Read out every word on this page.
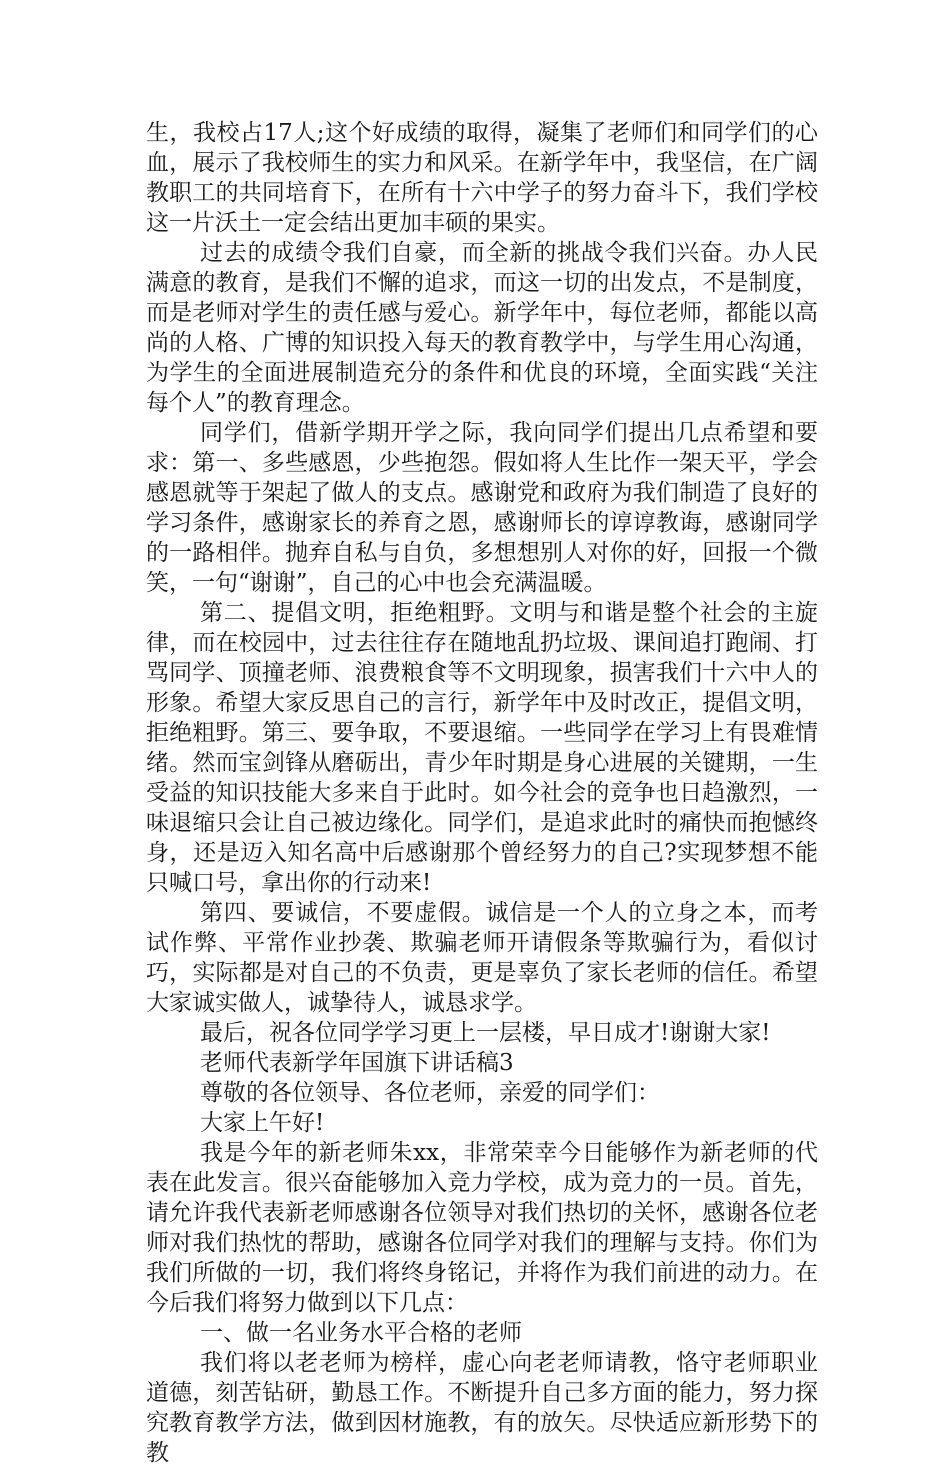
生，我校占17人;这个好成绩的取得，凝集了老师们和同学们的心血，展示了我校师生的实力和风采。在新学年中，我坚信，在广阔教职工的共同培育下，在所有十六中学子的努力奋斗下，我们学校这一片沃土一定会结出更加丰硕的果实。

过去的成绩令我们自豪，而全新的挑战令我们兴奋。办人民满意的教育，是我们不懈的追求，而这一切的出发点，不是制度，而是老师对学生的责任感与爱心。新学年中，每位老师，都能以高尚的人格、广博的知识投入每天的教育教学中，与学生用心沟通，为学生的全面进展制造充分的条件和优良的环境，全面实践“关注每个人”的教育理念。

同学们，借新学期开学之际，我向同学们提出几点希望和要求：第一、多些感恩，少些抱怨。假如将人生比作一架天平，学会感恩就等于架起了做人的支点。感谢党和政府为我们制造了良好的学习条件，感谢家长的养育之恩，感谢师长的谆谆教诲，感谢同学的一路相伴。抛弃自私与自负，多想想别人对你的好，回报一个微笑，一句“谢谢”，自己的心中也会充满温暖。

第二、提倡文明，拒绝粗野。文明与和谐是整个社会的主旋律，而在校园中，过去往往存在随地乱扔垃圾、课间追打跑闹、打骂同学、顶撞老师、浪费粮食等不文明现象，损害我们十六中人的形象。希望大家反思自己的言行，新学年中及时改正，提倡文明，拒绝粗野。第三、要争取，不要退缩。一些同学在学习上有畏难情绪。然而宝剑锋从磨砺出，青少年时期是身心进展的关键期，一生受益的知识技能大多来自于此时。如今社会的竞争也日趋激烈，一味退缩只会让自己被边缘化。同学们，是追求此时的痛快而抱憾终身，还是迈入知名高中后感谢那个曾经努力的自己?实现梦想不能只喊口号，拿出你的行动来!

第四、要诚信，不要虚假。诚信是一个人的立身之本，而考试作弊、平常作业抄袭、欺骗老师开请假条等欺骗行为，看似讨巧，实际都是对自己的不负责，更是辜负了家长老师的信任。希望大家诚实做人，诚挚待人，诚恳求学。

最后，祝各位同学学习更上一层楼，早日成才!谢谢大家!

老师代表新学年国旗下讲话稿3

尊敬的各位领导、各位老师，亲爱的同学们：

大家上午好!

我是今年的新老师朱xx，非常荣幸今日能够作为新老师的代表在此发言。很兴奋能够加入竞力学校，成为竞力的一员。首先，请允许我代表新老师感谢各位领导对我们热切的关怀，感谢各位老师对我们热忱的帮助，感谢各位同学对我们的理解与支持。你们为我们所做的一切，我们将终身铭记，并将作为我们前进的动力。在今后我们将努力做到以下几点：

一、做一名业务水平合格的老师

我们将以老老师为榜样，虚心向老老师请教，恪守老师职业道德，刻苦钻研，勤恳工作。不断提升自己多方面的能力，努力探究教育教学方法，做到因材施教，有的放矢。尽快适应新形势下的教
